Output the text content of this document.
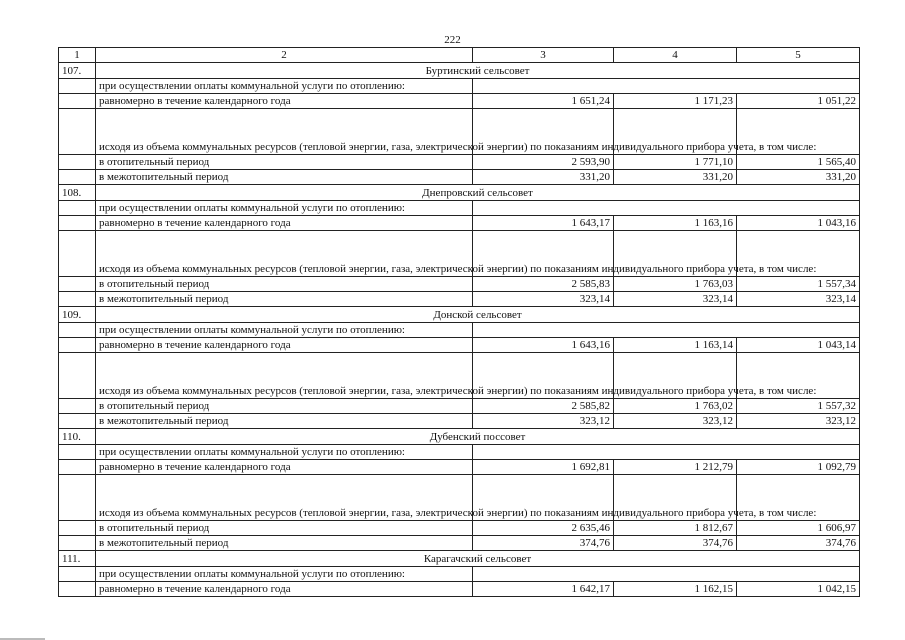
222
1	2	3	4	5
107.	Буртинский сельсовет			
	при осуществлении оплаты коммунальной услуги по отоплению:			
	равномерно в течение календарного года	1 651,24	1 171,23	1 051,22
	исходя из объема коммунальных ресурсов (тепловой энергии, газа, электрической энергии) по показаниям индивидуального прибора учета, в том числе:			
	в отопительный период	2 593,90	1 771,10	1 565,40
	в межотопительный период	331,20	331,20	331,20
108.	Днепровский сельсовет			
	при осуществлении оплаты коммунальной услуги по отоплению:			
	равномерно в течение календарного года	1 643,17	1 163,16	1 043,16
	исходя из объема коммунальных ресурсов (тепловой энергии, газа, электрической энергии) по показаниям индивидуального прибора учета, в том числе:			
	в отопительный период	2 585,83	1 763,03	1 557,34
	в межотопительный период	323,14	323,14	323,14
109.	Донской сельсовет			
	при осуществлении оплаты коммунальной услуги по отоплению:			
	равномерно в течение календарного года	1 643,16	1 163,14	1 043,14
	исходя из объема коммунальных ресурсов (тепловой энергии, газа, электрической энергии) по показаниям индивидуального прибора учета, в том числе:			
	в отопительный период	2 585,82	1 763,02	1 557,32
	в межотопительный период	323,12	323,12	323,12
110.	Дубенский поссовет			
	при осуществлении оплаты коммунальной услуги по отоплению:			
	равномерно в течение календарного года	1 692,81	1 212,79	1 092,79
	исходя из объема коммунальных ресурсов (тепловой энергии, газа, электрической энергии) по показаниям индивидуального прибора учета, в том числе:			
	в отопительный период	2 635,46	1 812,67	1 606,97
	в межотопительный период	374,76	374,76	374,76
111.	Карагачский сельсовет			
	при осуществлении оплаты коммунальной услуги по отоплению:			
	равномерно в течение календарного года	1 642,17	1 162,15	1 042,15
